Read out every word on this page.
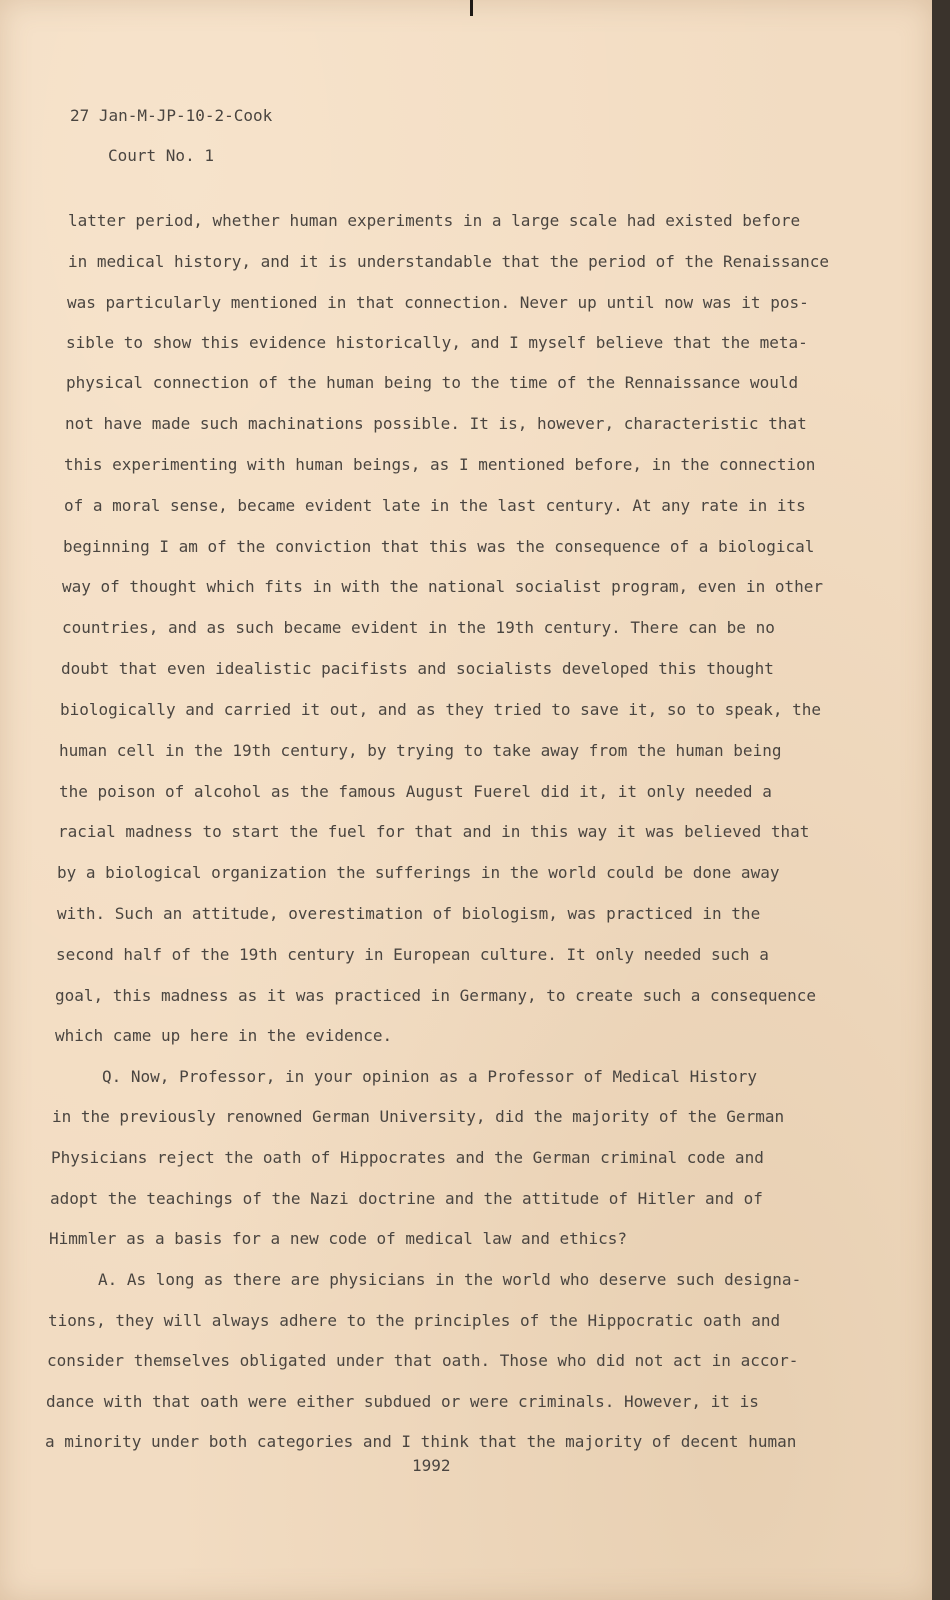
27 Jan-M-JP-10-2-Cook
Court No. 1
latter period, whether human experiments in a large scale had existed before
in medical history, and it is understandable that the period of the Renaissance
was particularly mentioned in that connection. Never up until now was it pos-
sible to show this evidence historically, and I myself believe that the meta-
physical connection of the human being to the time of the Rennaissance would
not have made such machinations possible. It is, however, characteristic that
this experimenting with human beings, as I mentioned before, in the connection
of a moral sense, became evident late in the last century. At any rate in its
beginning I am of the conviction that this was the consequence of a biological
way of thought which fits in with the national socialist program, even in other
countries, and as such became evident in the 19th century. There can be no
doubt that even idealistic pacifists and socialists developed this thought
biologically and carried it out, and as they tried to save it, so to speak, the
human cell in the 19th century, by trying to take away from the human being
the poison of alcohol as the famous August Fuerel did it, it only needed a
racial madness to start the fuel for that and in this way it was believed that
by a biological organization the sufferings in the world could be done away
with. Such an attitude, overestimation of biologism, was practiced in the
second half of the 19th century in European culture. It only needed such a
goal, this madness as it was practiced in Germany, to create such a consequence
which came up here in the evidence.
Q. Now, Professor, in your opinion as a Professor of Medical History
in the previously renowned German University, did the majority of the German
Physicians reject the oath of Hippocrates and the German criminal code and
adopt the teachings of the Nazi doctrine and the attitude of Hitler and of
Himmler as a basis for a new code of medical law and ethics?
A. As long as there are physicians in the world who deserve such designa-
tions, they will always adhere to the principles of the Hippocratic oath and
consider themselves obligated under that oath. Those who did not act in accor-
dance with that oath were either subdued or were criminals. However, it is
a minority under both categories and I think that the majority of decent human
1992
